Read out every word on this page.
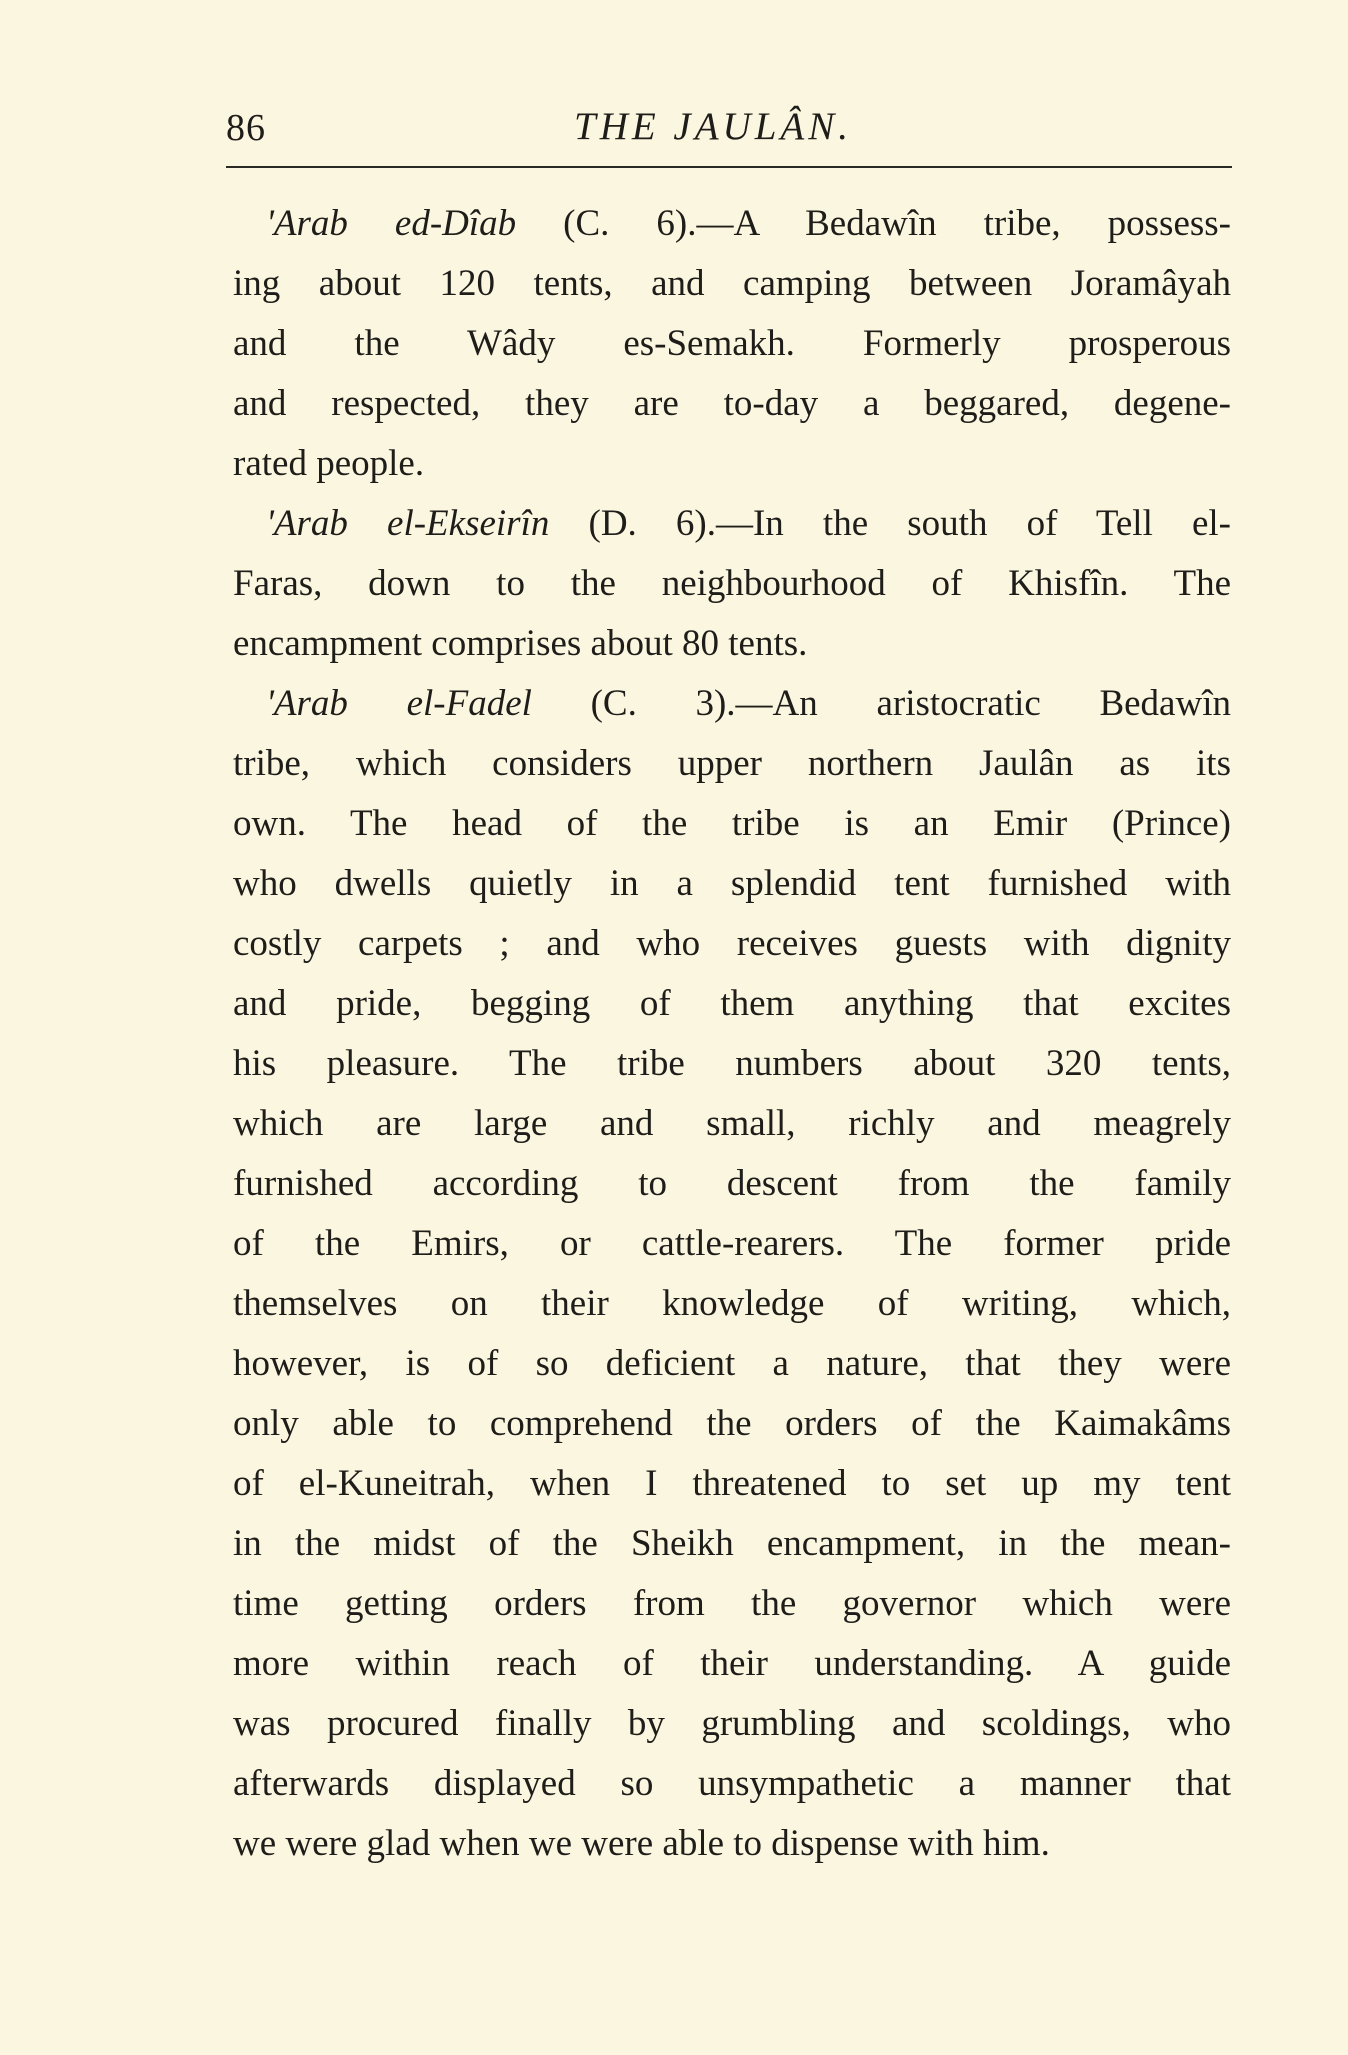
86	THE JAULÂN.
'Arab ed-Dîab (C. 6).—A Bedawîn tribe, possess-
ing about 120 tents, and camping between Joramâyah
and the Wâdy es-Semakh. Formerly prosperous
and respected, they are to-day a beggared, degene-
rated people.
'Arab el-Ekseirîn (D. 6).—In the south of Tell el-
Faras, down to the neighbourhood of Khisfîn. The
encampment comprises about 80 tents.
'Arab el-Fadel (C. 3).—An aristocratic Bedawîn
tribe, which considers upper northern Jaulân as its
own. The head of the tribe is an Emir (Prince)
who dwells quietly in a splendid tent furnished with
costly carpets ; and who receives guests with dignity
and pride, begging of them anything that excites
his pleasure. The tribe numbers about 320 tents,
which are large and small, richly and meagrely
furnished according to descent from the family
of the Emirs, or cattle-rearers. The former pride
themselves on their knowledge of writing, which,
however, is of so deficient a nature, that they were
only able to comprehend the orders of the Kaimakâms
of el-Kuneitrah, when I threatened to set up my tent
in the midst of the Sheikh encampment, in the mean-
time getting orders from the governor which were
more within reach of their understanding. A guide
was procured finally by grumbling and scoldings, who
afterwards displayed so unsympathetic a manner that
we were glad when we were able to dispense with him.
